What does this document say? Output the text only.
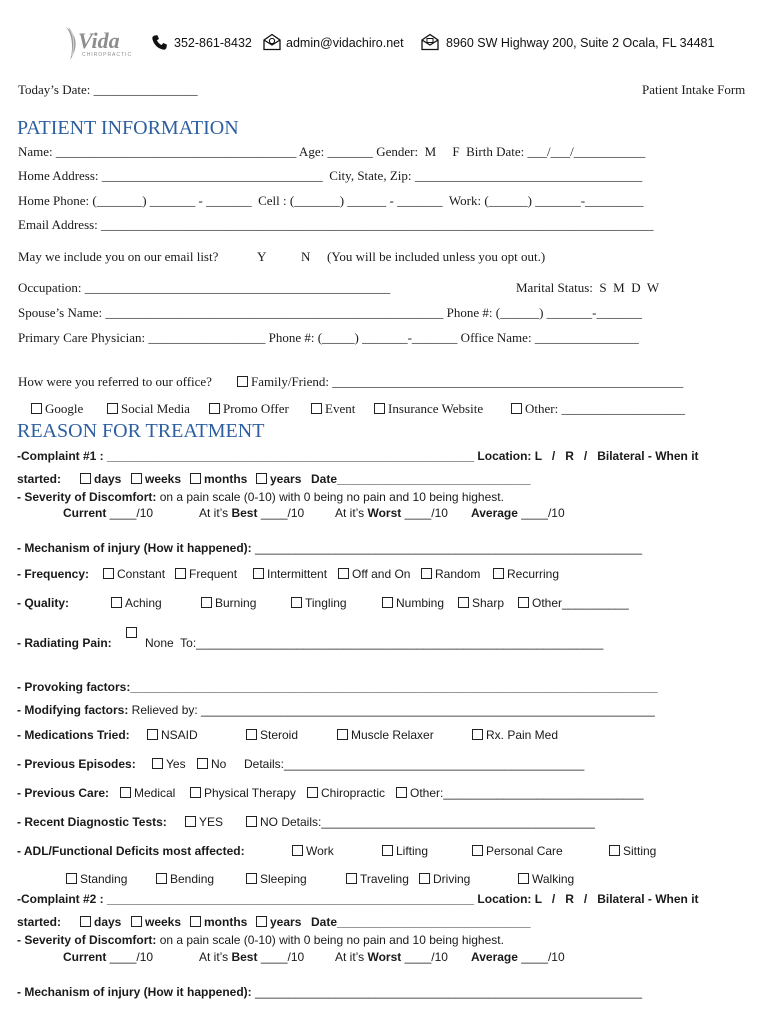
Vida
CHIROPRACTIC
352-861-8432	admin@vidachiro.net	8960 SW Highway 200, Suite 2 Ocala, FL 34481
Today’s Date: ________________	Patient Intake Form
PATIENT INFORMATION
Name: _____________________________________ Age: _______ Gender:  M     F  Birth Date: ___/___/___________
Home Address: __________________________________  City, State, Zip: ___________________________________
Home Phone: (_______) _______ - _______  Cell : (_______) ______ - _______  Work: (______) _______-_________
Email Address: _____________________________________________________________________________________
May we include you on our email list?	Y	N (You will be included unless you opt out.)
Occupation: _______________________________________________	Marital Status:  S  M  D  W
Spouse’s Name: ____________________________________________________ Phone #: (______) _______-_______
Primary Care Physician: __________________ Phone #: (_____) _______-_______ Office Name: ________________
How were you referred to our office?	Family/Friend: ______________________________________________________
Google	Social Media	Promo Offer	Event	Insurance Website	Other: ___________________
REASON FOR TREATMENT
-Complaint #1 : _______________________________________________________ Location: L   /   R   /   Bilateral - When it
started:	days	weeks	months	years Date_____________________________
- Severity of Discomfort: on a pain scale (0-10) with 0 being no pain and 10 being highest.
Current ____/10	At it’s Best ____/10	At it’s Worst ____/10 Average ____/10
- Mechanism of injury (How it happened): __________________________________________________________
- Frequency:	Constant	Frequent	Intermittent	Off and On	Random	Recurring
- Quality:	Aching	Burning	Tingling	Numbing	Sharp	Other__________
- Radiating Pain:	None  To:_____________________________________________________________
- Provoking factors:_______________________________________________________________________________
- Modifying factors: Relieved by: ____________________________________________________________________
- Medications Tried:	NSAID	Steroid	Muscle Relaxer	Rx. Pain Med
- Previous Episodes:	Yes	No Details:_____________________________________________
- Previous Care:	Medical	Physical Therapy	Chiropractic	Other:______________________________
- Recent Diagnostic Tests:	YES	NO Details:_________________________________________
- ADL/Functional Deficits most affected:	Work	Lifting	Personal Care	Sitting
Standing	Bending	Sleeping	Traveling	Driving	Walking
-Complaint #2 : _______________________________________________________ Location: L   /   R   /   Bilateral - When it
started:	days	weeks	months	years Date_____________________________
- Severity of Discomfort: on a pain scale (0-10) with 0 being no pain and 10 being highest.
Current ____/10	At it’s Best ____/10	At it’s Worst ____/10 Average ____/10
- Mechanism of injury (How it happened): __________________________________________________________
